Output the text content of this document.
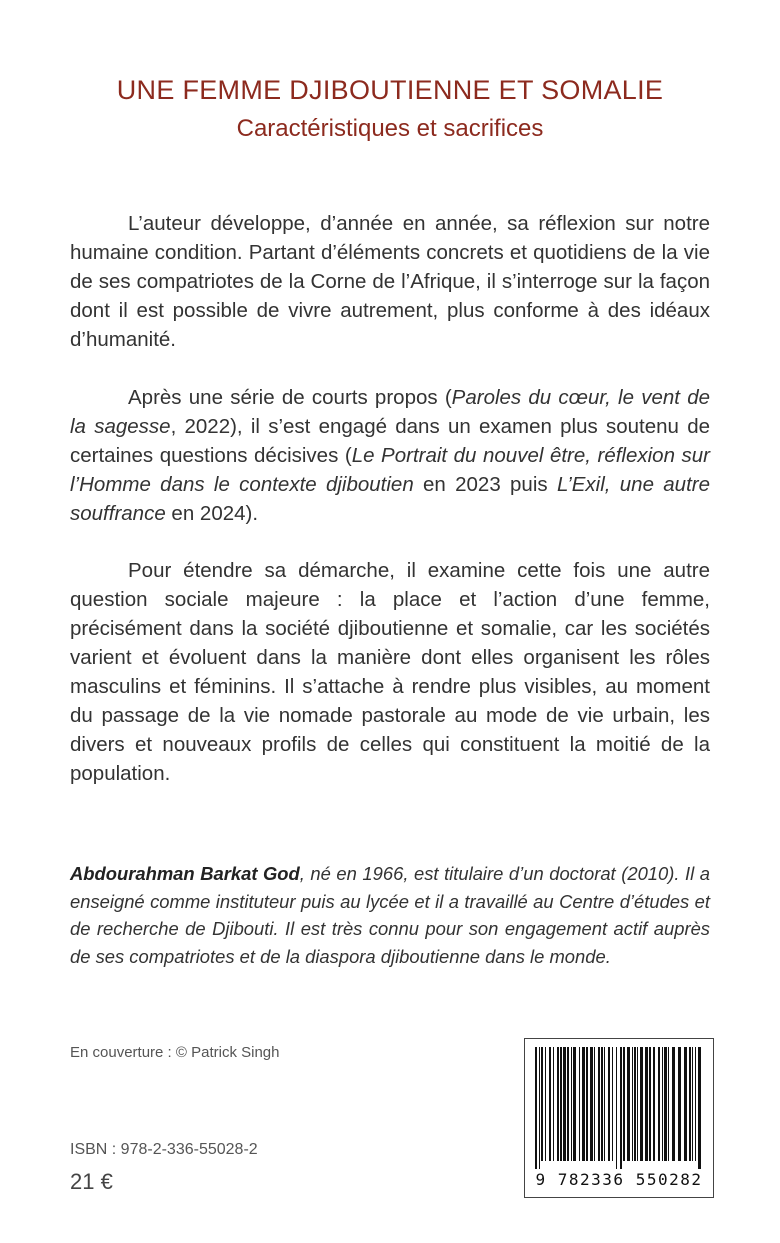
UNE FEMME DJIBOUTIENNE ET SOMALIE
Caractéristiques et sacrifices

L’auteur développe, d’année en année, sa réflexion sur notre humaine condition. Partant d’éléments concrets et quotidiens de la vie de ses compatriotes de la Corne de l’Afrique, il s’interroge sur la façon dont il est possible de vivre autrement, plus conforme à des idéaux d’humanité.

Après une série de courts propos (Paroles du cœur, le vent de la sagesse, 2022), il s’est engagé dans un examen plus soutenu de certaines questions décisives (Le Portrait du nouvel être, réflexion sur l’Homme dans le contexte djiboutien en 2023 puis L’Exil, une autre souffrance en 2024).

Pour étendre sa démarche, il examine cette fois une autre question sociale majeure : la place et l’action d’une femme, précisément dans la société djiboutienne et somalie, car les sociétés varient et évoluent dans la manière dont elles organisent les rôles masculins et féminins. Il s’attache à rendre plus visibles, au moment du passage de la vie nomade pastorale au mode de vie urbain, les divers et nouveaux profils de celles qui constituent la moitié de la population.

Abdourahman Barkat God, né en 1966, est titulaire d’un doctorat (2010). Il a enseigné comme instituteur puis au lycée et il a travaillé au Centre d’études et de recherche de Djibouti. Il est très connu pour son engagement actif auprès de ses compatriotes et de la diaspora djiboutienne dans le monde.
En couverture : © Patrick Singh
ISBN : 978-2-336-55028-2
21 €	9 782336 550282
